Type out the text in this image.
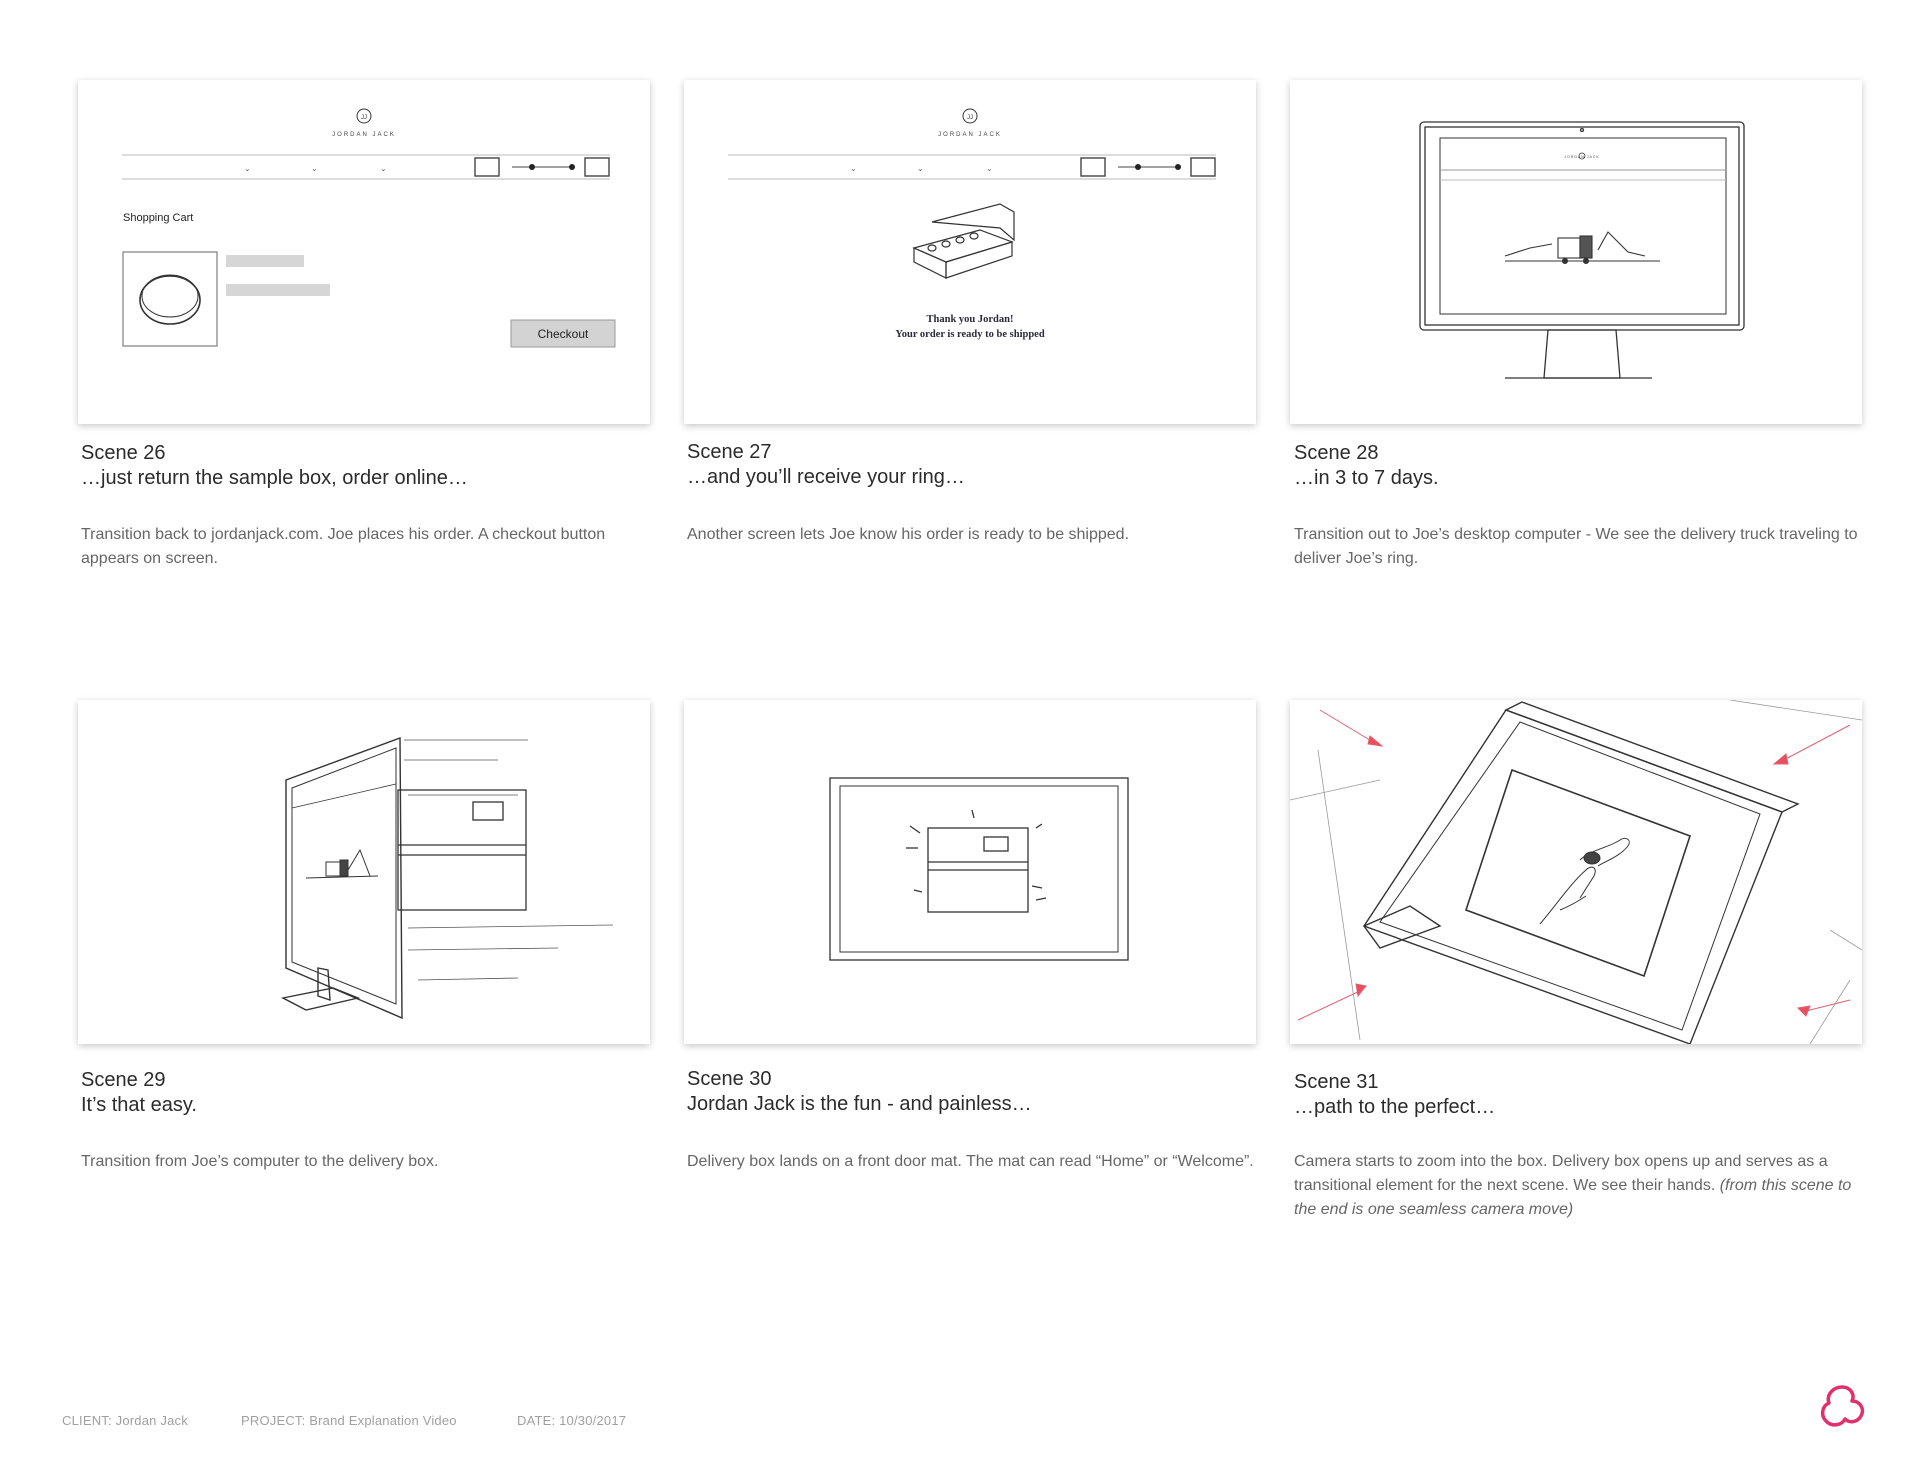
JJ
JORDAN JACK
⌄	⌄	⌄
Shopping Cart
Checkout
JJ
JORDAN JACK
⌄	⌄	⌄
Thank you Jordan!
Your order is ready to be shipped
JORDAN JACK
Scene 26
…just return the sample box, order online…
Transition back to jordanjack.com. Joe places his order. A checkout button appears on screen.
Scene 27
…and you’ll receive your ring…
Another screen lets Joe know his order is ready to be shipped.
Scene 28
…in 3 to 7 days.
Transition out to Joe’s desktop computer - We see the delivery truck traveling to deliver Joe’s ring.
Scene 29
It’s that easy.
Transition from Joe’s computer to the delivery box.
Scene 30
Jordan Jack is the fun - and painless…
Delivery box lands on a front door mat. The mat can read “Home” or “Welcome”.
Scene 31
…path to the perfect…
Camera starts to zoom into the box. Delivery box opens up and serves as a transitional element for the next scene. We see their hands. (from this scene to the end is one seamless camera move)
CLIENT: Jordan Jack	PROJECT: Brand Explanation Video	DATE: 10/30/2017
